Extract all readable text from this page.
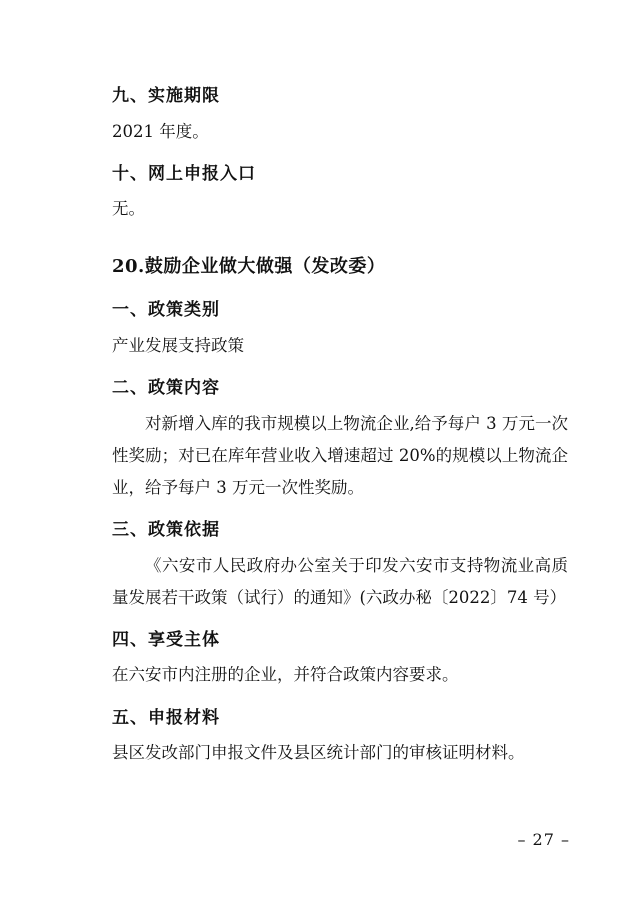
九、实施期限
2021 年度。
十、网上申报入口
无。
20.鼓励企业做大做强（发改委）
一、政策类别
产业发展支持政策
二、政策内容
对新增入库的我市规模以上物流企业,给予每户 3 万元一次性奖励；对已在库年营业收入增速超过 20%的规模以上物流企业，给予每户 3 万元一次性奖励。
三、政策依据
《六安市人民政府办公室关于印发六安市支持物流业高质量发展若干政策（试行）的通知》(六政办秘〔2022〕74 号）
四、享受主体
在六安市内注册的企业，并符合政策内容要求。
五、申报材料
县区发改部门申报文件及县区统计部门的审核证明材料。
– 27 –
